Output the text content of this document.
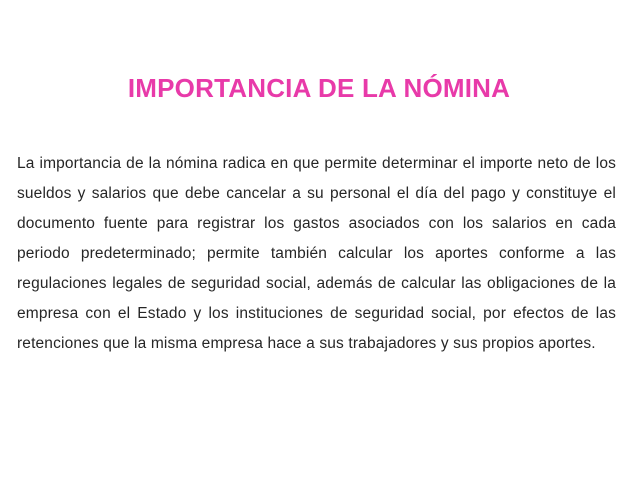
IMPORTANCIA DE LA NÓMINA

La importancia de la nómina radica en que permite determinar el importe neto de los sueldos y salarios que debe cancelar a su personal el día del pago y constituye el documento fuente para registrar los gastos asociados con los salarios en cada periodo predeterminado; permite también calcular los aportes conforme a las regulaciones legales de seguridad social, además de calcular las obligaciones de la empresa con el Estado y los instituciones de seguridad social, por efectos de las retenciones que la misma empresa hace a sus trabajadores y sus propios aportes.
